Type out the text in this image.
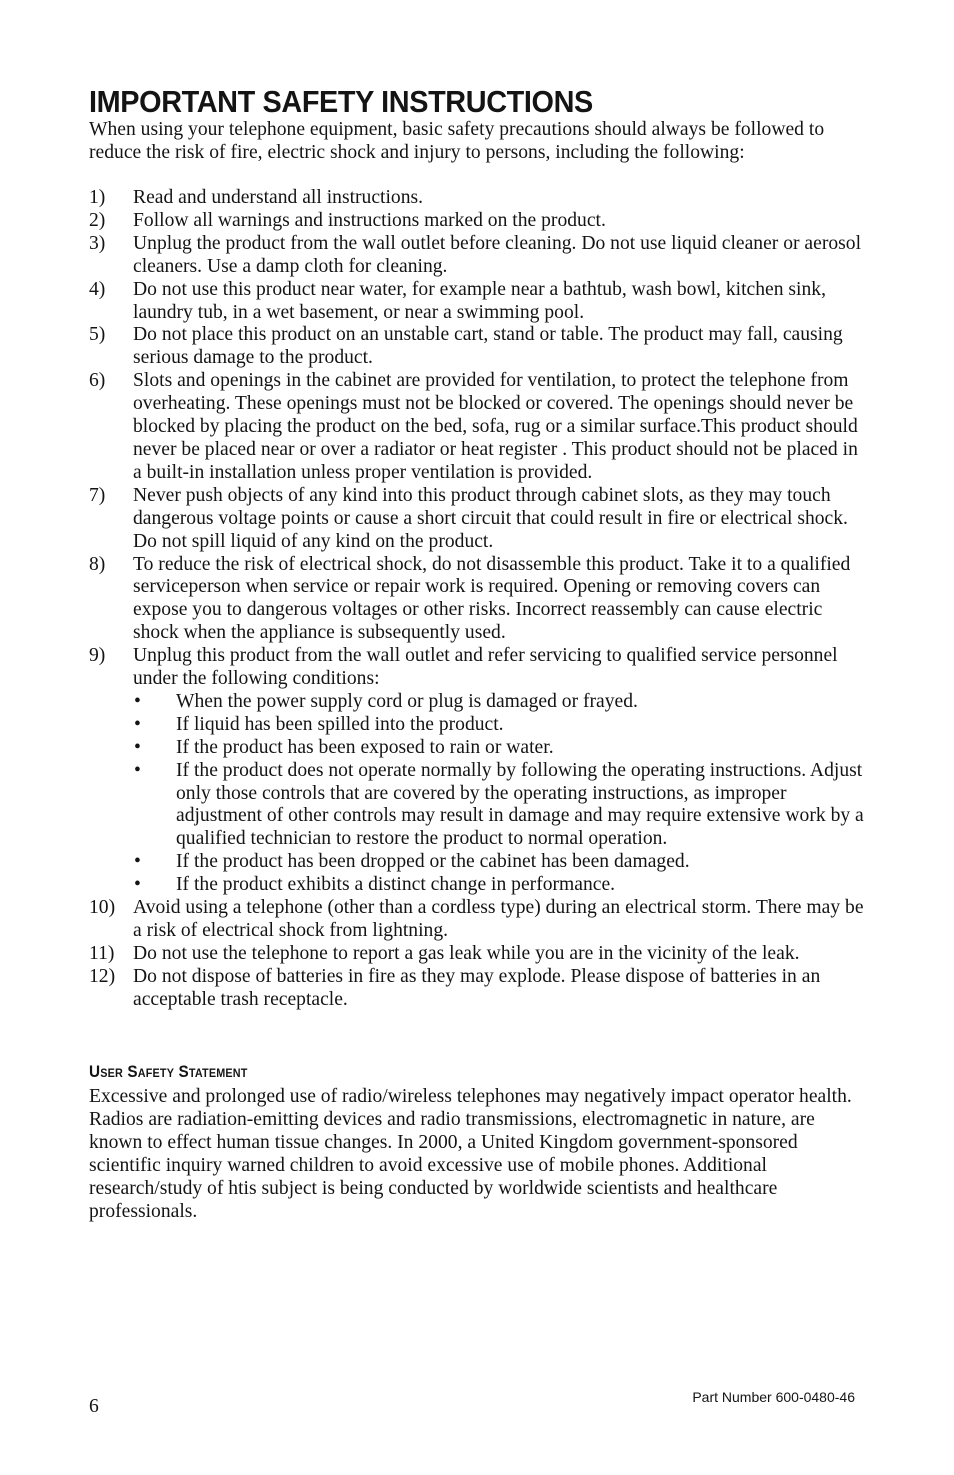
IMPORTANT SAFETY INSTRUCTIONS

When using your telephone equipment, basic safety precautions should always be followed to reduce the risk of fire, electric shock and injury to persons, including the following:

1)	Read and understand all instructions.
2)	Follow all warnings and instructions marked on the product.
3)	Unplug the product from the wall outlet before cleaning. Do not use liquid cleaner or aerosol cleaners. Use a damp cloth for cleaning.
4)	Do not use this product near water, for example near a bathtub, wash bowl, kitchen sink, laundry tub, in a wet basement, or near a swimming pool.
5)	Do not place this product on an unstable cart, stand or table. The product may fall, causing serious damage to the product.
6)	Slots and openings in the cabinet are provided for ventilation, to protect the telephone from overheating. These openings must not be blocked or covered. The openings should never be blocked by placing the product on the bed, sofa, rug or a similar surface.This product should never be placed near or over a radiator or heat register . This product should not be placed in a built-in installation unless proper ventilation is provided.
7)	Never push objects of any kind into this product through cabinet slots, as they may touch dangerous voltage points or cause a short circuit that could result in fire or electrical shock. Do not spill liquid of any kind on the product.
8)	To reduce the risk of electrical shock, do not disassemble this product. Take it to a qualified serviceperson when service or repair work is required. Opening or removing covers can expose you to dangerous voltages or other risks. Incorrect reassembly can cause electric shock when the appliance is subsequently used.
9)	Unplug this product from the wall outlet and refer servicing to qualified service personnel under the following conditions:
•	When the power supply cord or plug is damaged or frayed.
•	If liquid has been spilled into the product.
•	If the product has been exposed to rain or water.
•	If the product does not operate normally by following the operating instructions. Adjust only those controls that are covered by the operating instructions, as improper adjustment of other controls may result in damage and may require extensive work by a qualified technician to restore the product to normal operation.
•	If the product has been dropped or the cabinet has been damaged.
•	If the product exhibits a distinct change in performance.
10) Avoid using a telephone (other than a cordless type) during an electrical storm. There may be a risk of electrical shock from lightning.
11) Do not use the telephone to report a gas leak while you are in the vicinity of the leak.
12) Do not dispose of batteries in fire as they may explode. Please dispose of batteries in an acceptable trash receptacle.
User Safety Statement

Excessive and prolonged use of radio/wireless telephones may negatively impact operator health. Radios are radiation-emitting devices and radio transmissions, electromagnetic in nature, are known to effect human tissue changes. In 2000, a United Kingdom government-sponsored scientific inquiry warned children to avoid excessive use of mobile phones. Additional research/study of htis subject is being conducted by worldwide scientists and healthcare professionals.

6	Part Number 600-0480-46
